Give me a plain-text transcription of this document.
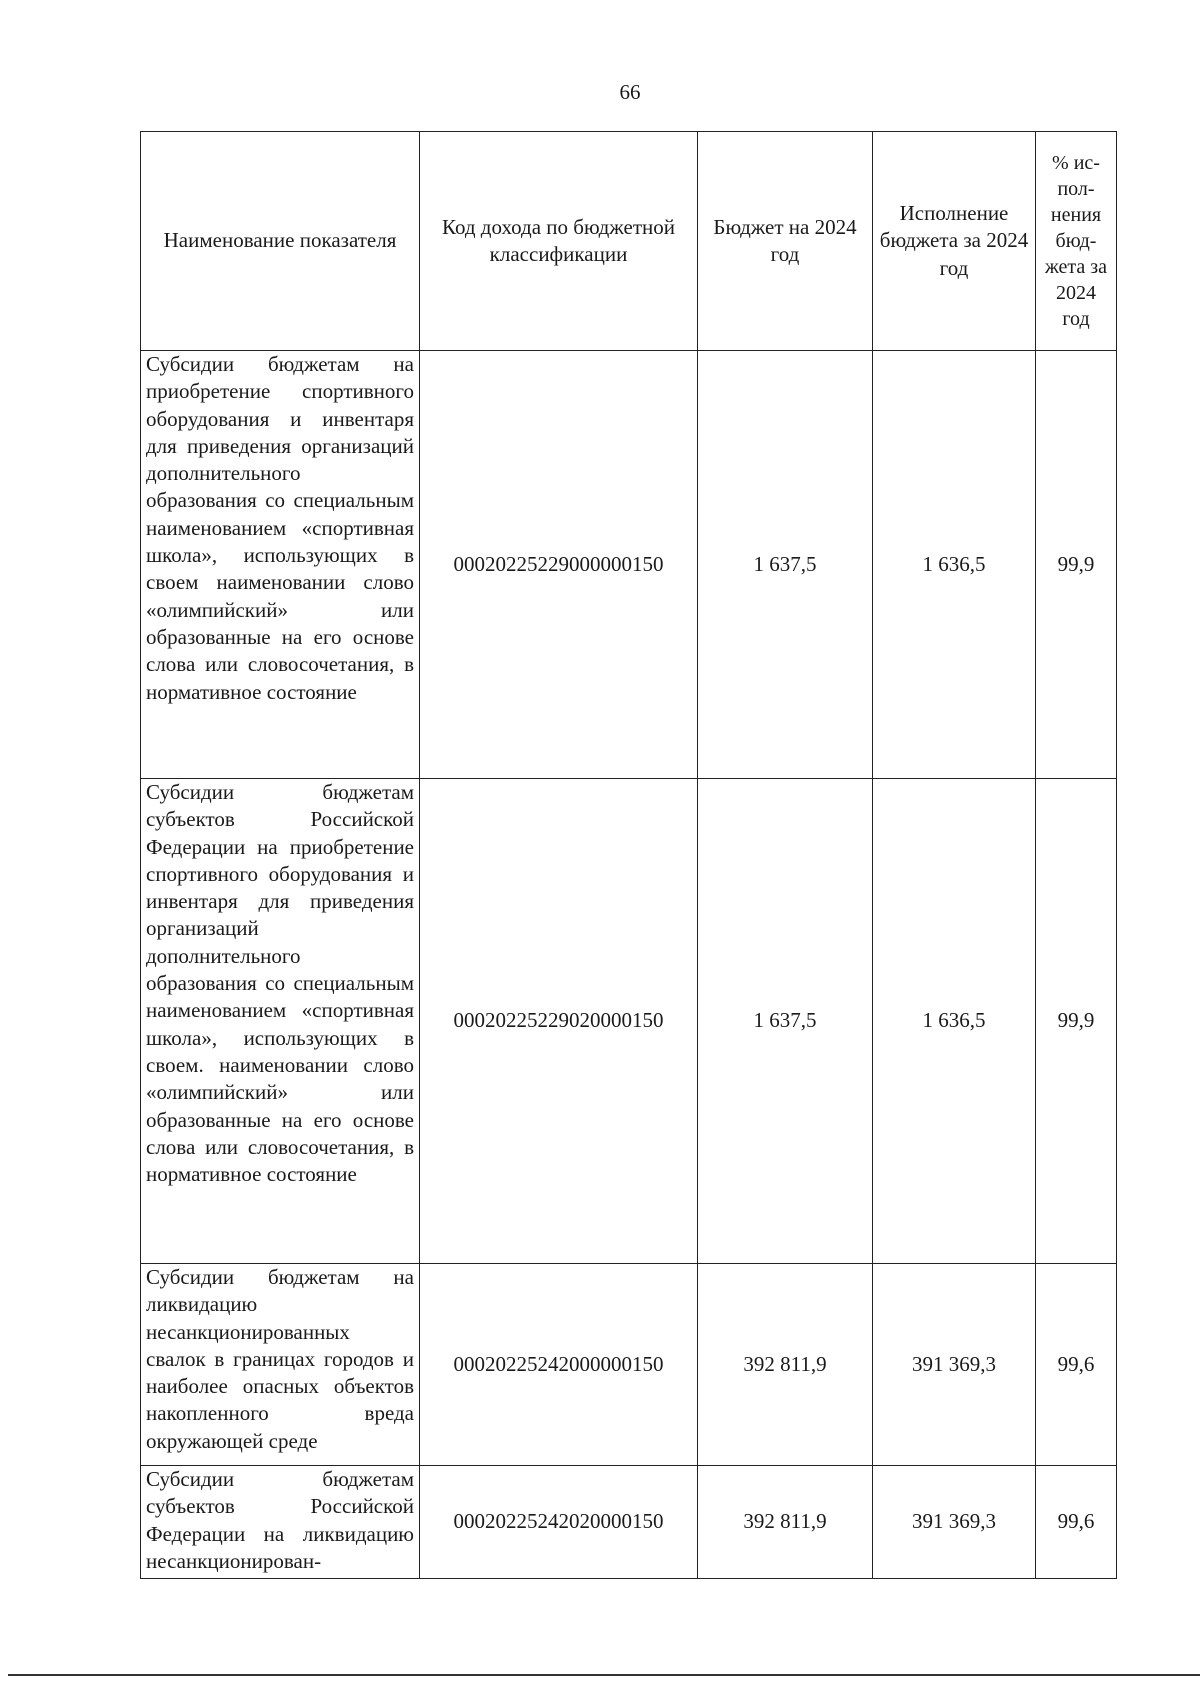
66
Наименование показателя	Код дохода по бюджетной классификации	Бюджет на 2024 год	Исполнение бюджета за 2024 год	% ис-пол-нения бюд-жета за 2024 год
Субсидии бюджетам на приобретение спортивного оборудования и инвентаря для приведения организаций дополнительного образования со специальным наименованием «спортивная школа», использующих в своем наименовании слово «олимпийский» или образованные на его основе слова или словосочетания, в нормативное состояние	00020225229000000150	1 637,5	1 636,5	99,9
Субсидии бюджетам субъектов Российской Федерации на приобретение спортивного оборудования и инвентаря для приведения организаций дополнительного образования со специальным наименованием «спортивная школа», использующих в своем. наименовании слово «олимпийский» или образованные на его основе слова или словосочетания, в нормативное состояние	00020225229020000150	1 637,5	1 636,5	99,9
Субсидии бюджетам на ликвидацию несанкционированных свалок в границах городов и наиболее опасных объектов накопленного вреда окружающей среде	00020225242000000150	392 811,9	391 369,3	99,6
Субсидии бюджетам субъектов Российской Федерации на ликвидацию несанкционирован-	00020225242020000150	392 811,9	391 369,3	99,6
